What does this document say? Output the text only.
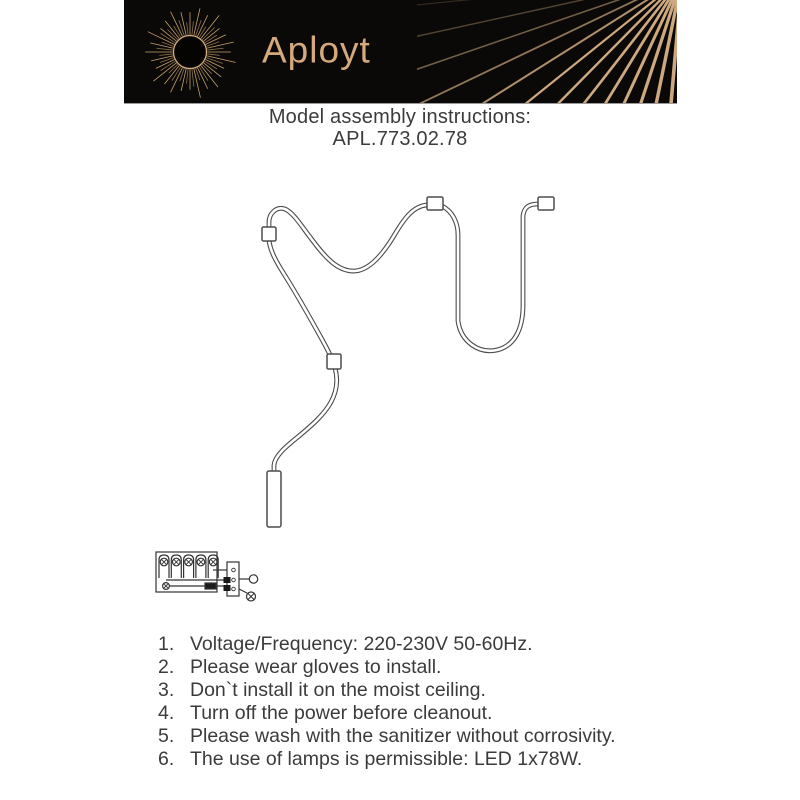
Aployt
Model assembly instructions:
APL.773.02.78
1. Voltage/Frequency: 220-230V 50-60Hz.
2. Please wear gloves to install.
3. Don`t install it on the moist ceiling.
4. Turn off the power before cleanout.
5. Please wash with the sanitizer without corrosivity.
6. The use of lamps is permissible: LED 1x78W.
